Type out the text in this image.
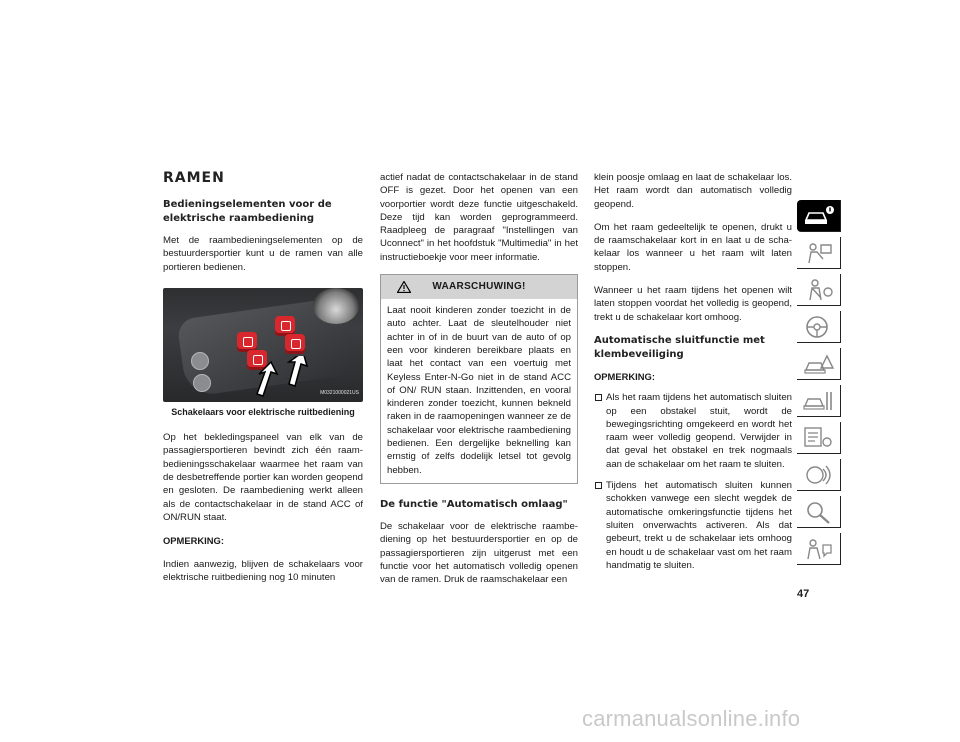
RAMEN
Bedieningselementen voor de elektrische raambediening

Met de raambedieningselementen op de bestuurdersportier kunt u de ramen van alle portieren bedienen.

M0321000021US
Schakelaars voor elektrische ruitbediening

Op het bekledingspaneel van elk van de passagiersportieren bevindt zich één raam-bedieningsschakelaar waarmee het raam van de desbetreffende portier kan worden geopend en gesloten. De raambediening werkt alleen als de contactschakelaar in de stand ACC of ON/RUN staat.

OPMERKING:

Indien aanwezig, blijven de schakelaars voor elektrische ruitbediening nog 10 minuten

actief nadat de contactschakelaar in de stand OFF is gezet. Door het openen van een voorportier wordt deze functie uitgeschakeld. Deze tijd kan worden geprogrammeerd. Raadpleeg de paragraaf "Instellingen van Uconnect" in het hoofdstuk "Multimedia" in het instructieboekje voor meer informatie.

WAARSCHUWING!
Laat nooit kinderen zonder toezicht in de auto achter. Laat de sleutelhouder niet achter in of in de buurt van de auto of op een voor kinderen bereikbare plaats en laat het contact van een voertuig met Keyless Enter-N-Go niet in de stand ACC of ON/ RUN staan. Inzittenden, en vooral kinderen zonder toezicht, kunnen bekneld raken in de raamopeningen wanneer ze de schakelaar voor elektrische raambediening bedienen. Een dergelijke beknelling kan ernstig of zelfs dodelijk letsel tot gevolg hebben.
De functie "Automatisch omlaag"

De schakelaar voor de elektrische raambe-diening op het bestuurdersportier en op de passagiersportieren zijn uitgerust met een functie voor het automatisch volledig openen van de ramen. Druk de raamschakelaar een

klein poosje omlaag en laat de schakelaar los. Het raam wordt dan automatisch volledig geopend.

Om het raam gedeeltelijk te openen, drukt u de raamschakelaar kort in en laat u de scha-kelaar los wanneer u het raam wilt laten stoppen.

Wanneer u het raam tijdens het openen wilt laten stoppen voordat het volledig is geopend, trekt u de schakelaar kort omhoog.

Automatische sluitfunctie met klembeveiliging

OPMERKING:

Als het raam tijdens het automatisch sluiten op een obstakel stuit, wordt de bewegingsrichting omgekeerd en wordt het raam weer volledig geopend. Verwijder in dat geval het obstakel en trek nogmaals aan de schakelaar om het raam te sluiten.
Tijdens het automatisch sluiten kunnen schokken vanwege een slecht wegdek de automatische omkeringsfunctie tijdens het sluiten onverwachts activeren. Als dat gebeurt, trekt u de schakelaar iets omhoog en houdt u de schakelaar vast om het raam handmatig te sluiten.
47
carmanualsonline.info
